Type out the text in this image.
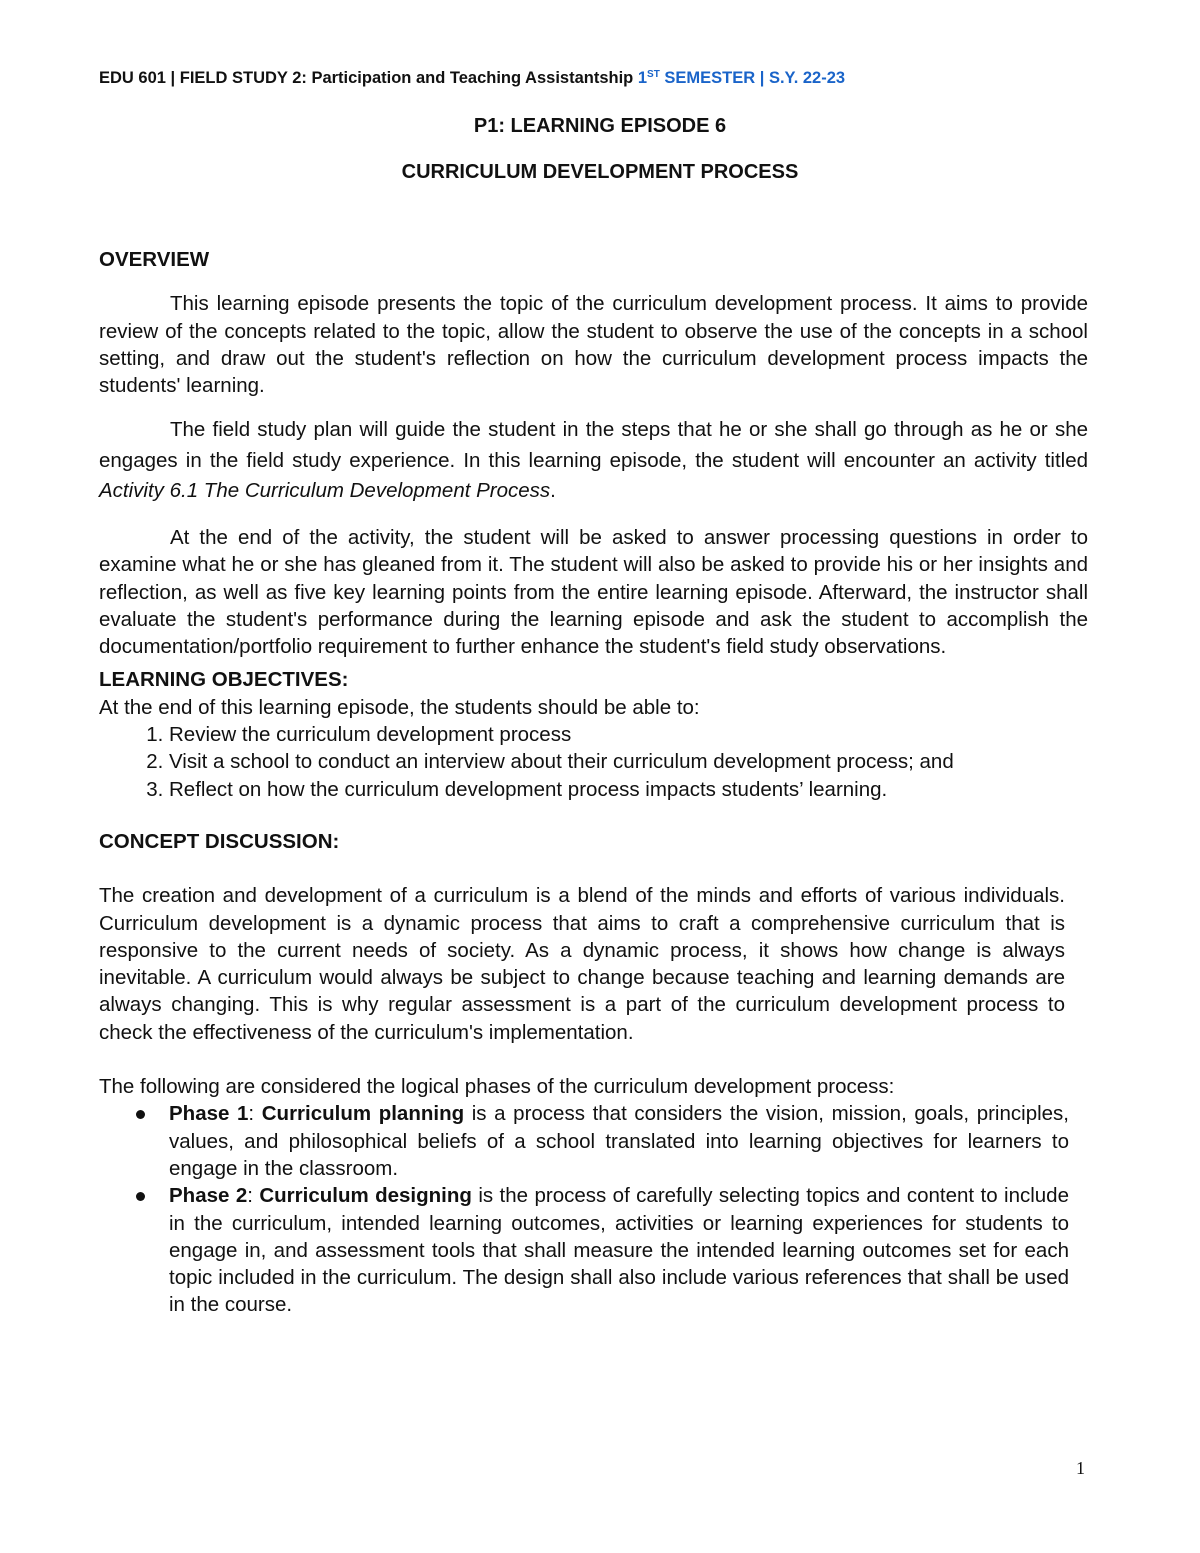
EDU 601 | FIELD STUDY 2: Participation and Teaching Assistantship 1ST SEMESTER | S.Y. 22-23
P1: LEARNING EPISODE 6
CURRICULUM DEVELOPMENT PROCESS

OVERVIEW

This learning episode presents the topic of the curriculum development process. It aims to provide review of the concepts related to the topic, allow the student to observe the use of the concepts in a school setting, and draw out the student's reflection on how the curriculum development process impacts the students' learning.

The field study plan will guide the student in the steps that he or she shall go through as he or she engages in the field study experience. In this learning episode, the student will encounter an activity titled Activity 6.1 The Curriculum Development Process.

At the end of the activity, the student will be asked to answer processing questions in order to examine what he or she has gleaned from it. The student will also be asked to provide his or her insights and reflection, as well as five key learning points from the entire learning episode. Afterward, the instructor shall evaluate the student's performance during the learning episode and ask the student to accomplish the documentation/portfolio requirement to further enhance the student's field study observations.

LEARNING OBJECTIVES:

At the end of this learning episode, the students should be able to:

1. Review the curriculum development process
2. Visit a school to conduct an interview about their curriculum development process; and
3. Reflect on how the curriculum development process impacts students’ learning.

CONCEPT DISCUSSION:

The creation and development of a curriculum is a blend of the minds and efforts of various individuals. Curriculum development is a dynamic process that aims to craft a comprehensive curriculum that is responsive to the current needs of society. As a dynamic process, it shows how change is always inevitable. A curriculum would always be subject to change because teaching and learning demands are always changing. This is why regular assessment is a part of the curriculum development process to check the effectiveness of the curriculum's implementation.

The following are considered the logical phases of the curriculum development process:

Phase 1: Curriculum planning is a process that considers the vision, mission, goals, principles, values, and philosophical beliefs of a school translated into learning objectives for learners to engage in the classroom.
Phase 2: Curriculum designing is the process of carefully selecting topics and content to include in the curriculum, intended learning outcomes, activities or learning experiences for students to engage in, and assessment tools that shall measure the intended learning outcomes set for each topic included in the curriculum. The design shall also include various references that shall be used in the course.
1
